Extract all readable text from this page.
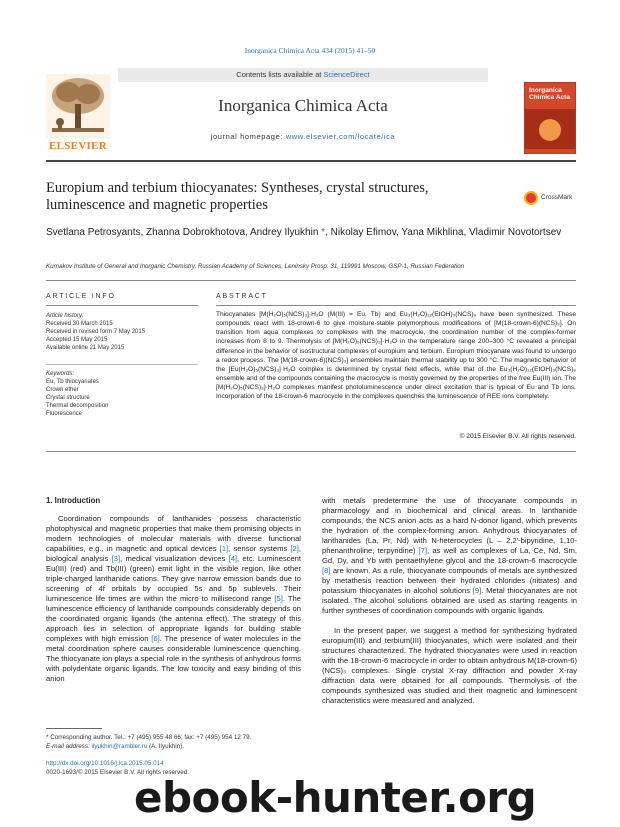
Inorganica Chimica Acta 434 (2015) 41–50
ELSEVIER
Contents lists available at ScienceDirect
Inorganica Chimica Acta
journal homepage: www.elsevier.com/locate/ica
Inorganica Chimica Acta
Europium and terbium thiocyanates: Syntheses, crystal structures, luminescence and magnetic properties	CrossMark
Svetlana Petrosyants, Zhanna Dobrokhotova, Andrey Ilyukhin *, Nikolay Efimov, Yana Mikhlina, Vladimir Novotortsev
Kurnakov Institute of General and Inorganic Chemistry, Russian Academy of Sciences, Leninsky Prosp. 31, 119991 Moscow, GSP-1, Russian Federation
ARTICLE INFO
Article history:
Received 30 March 2015
Received in revised form 7 May 2015
Accepted 15 May 2015
Available online 21 May 2015
Keywords:
Eu, Tb thiocyanates
Crown ether
Crystal structure
Thermal decomposition
Fluorescence
ABSTRACT
Thiocyanates [M(H₂O)₅(NCS)₃]·H₂O (M(III) = Eu, Tb) and Eu₃(H₂O)₁₂(EtOH)₃(NCS)₉ have been synthesized. These compounds react with 18-crown-6 to give moisture-stable polymorphous modifications of [M(18-crown-6)(NCS)₃]. On transition from aqua complexes to complexes with the macrocycle, the coordination number of the complex-former increases from 8 to 9. Thermolysis of [M(H₂O)₅(NCS)₃]·H₂O in the temperature range 200–300 °C revealed a principal difference in the behavior of isostructural complexes of europium and terbium. Europium thiocyanate was found to undergo a redox process. The [M(18-crown-6)(NCS)₃] ensembles maintain thermal stability up to 300 °C. The magnetic behavior of the [Eu(H₂O)₅(NCS)₃]·H₂O complex is determined by crystal field effects, while that of the Eu₃(H₂O)₁₂(EtOH)₃(NCS)₉ ensemble and of the compounds containing the macrocycle is mostly governed by the properties of the free Eu(III) ion. The [M(H₂O)₅(NCS)₃]·H₂O complexes manifest photoluminescence under direct excitation that is typical of Eu and Tb ions. Incorporation of the 18-crown-6 macrocycle in the complexes quenches the luminescence of REE ions completely.
© 2015 Elsevier B.V. All rights reserved.
1. Introduction

Coordination compounds of lanthanides possess characteristic photophysical and magnetic properties that make them promising objects in modern technologies of molecular materials with diverse functional capabilities, e.g., in magnetic and optical devices [1], sensor systems [2], biological analysis [3], medical visualization devices [4], etc. Luminescent Eu(III) (red) and Tb(III) (green) emit light in the visible region, like other triple-charged lanthanide cations. They give narrow emission bands due to screening of 4f orbitals by occupied 5s and 5p sublevels. Their luminescence life times are within the micro to millisecond range [5]. The luminescence efficiency of lanthanide compounds considerably depends on the coordinated organic ligands (the antenna effect). The strategy of this approach lies in selection of appropriate ligands for building stable complexes with high emission [6]. The presence of water molecules in the metal coordination sphere causes considerable luminescence quenching. The thiocyanate ion plays a special role in the synthesis of anhydrous forms with polydentate organic ligands. The low toxicity and easy binding of this anion

with metals predetermine the use of thiocyanate compounds in pharmacology and in biochemical and clinical areas. In lanthanide compounds, the NCS anion acts as a hard N-donor ligand, which prevents the hydration of the complex-forming anion. Anhydrous thiocyanates of lanthanides (La, Pr, Nd) with N-heterocycles (L – 2,2′-bipyridine, 1,10-phenanthroline, terpyridine) [7], as well as complexes of La, Ce, Nd, Sm, Gd, Dy, and Yb with pentaethylene glycol and the 18-crown-6 macrocycle [8] are known. As a rule, thiocyanate compounds of metals are synthesized by metathesis reaction between their hydrated chlorides (nitrates) and potassium thiocyanates in alcohol solutions [9]. Metal thiocyanates are not isolated. The alcohol solutions obtained are used as starting reagents in further syntheses of coordination compounds with organic ligands.

In the present paper, we suggest a method for synthesizing hydrated europium(III) and terbium(III) thiocyanates, which were isolated and their structures characterized. The hydrated thiocyanates were used in reaction with the 18-crown-6 macrocycle in order to obtain anhydrous M(18-crown-6)(NCS)₃ complexes. Single crystal X-ray diffraction and powder X-ray diffraction data were obtained for all compounds. Thermolysis of the compounds synthesized was studied and their magnetic and luminescent characteristics were measured and analyzed.

* Corresponding author. Tel.: +7 (495) 955 48 66; fax: +7 (495) 954 12 79.
E-mail address: ilyukhin@rambler.ru (A. Ilyukhin).
http://dx.doi.org/10.1016/j.ica.2015.05.014
0020-1693/© 2015 Elsevier B.V. All rights reserved.
ebook-hunter.org
